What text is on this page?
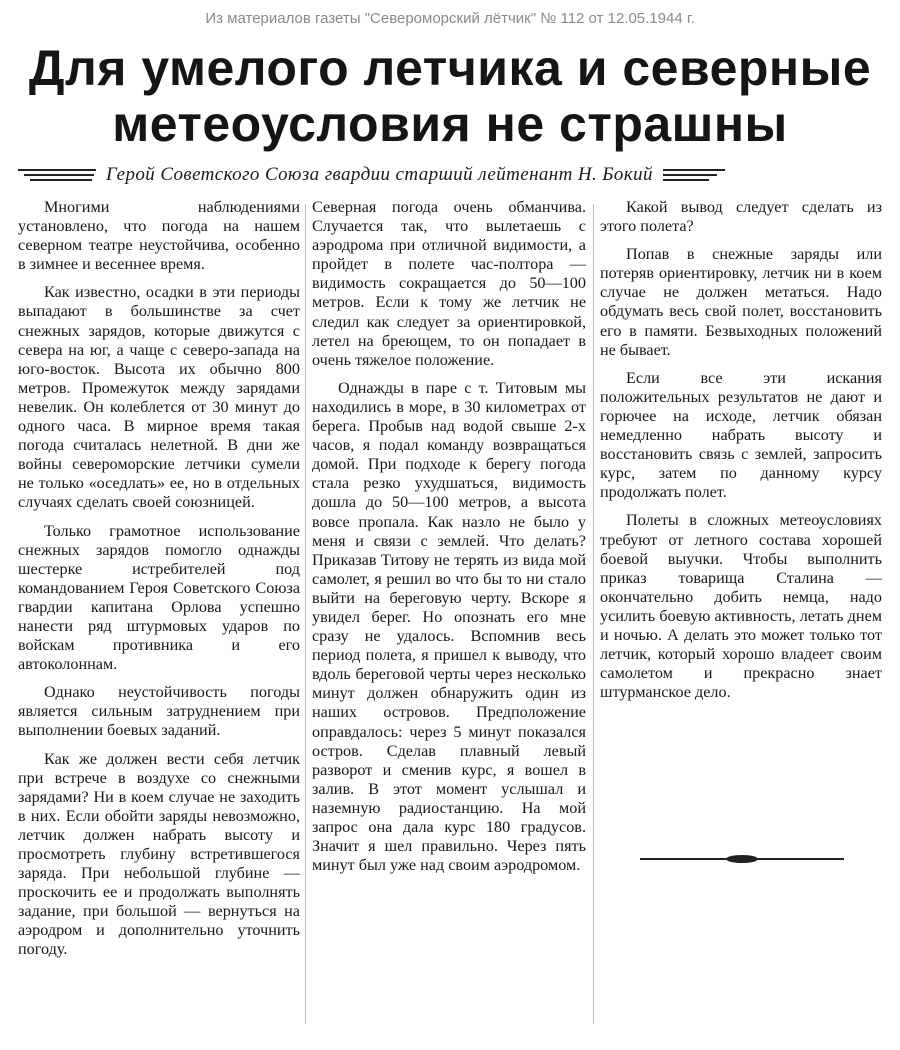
Из материалов газеты "Североморский лётчик" № 112 от 12.05.1944 г.
Для умелого летчика и северные
метеоусловия не страшны
Герой Советского Союза гвардии старший лейтенант Н. Бокий

Многими наблюдениями установлено, что погода на нашем северном театре неустойчива, особенно в зимнее и весеннее время.

Как известно, осадки в эти периоды выпадают в большинстве за счет снежных зарядов, которые движутся с севера на юг, а чаще с северо-запада на юго-восток. Высота их обычно 800 метров. Промежуток между зарядами невелик. Он колеблется от 30 минут до одного часа. В мирное время такая погода считалась нелетной. В дни же войны североморские летчики сумели не только «оседлать» ее, но в отдельных случаях сделать своей союзницей.

Только грамотное использование снежных зарядов помогло однажды шестерке истребителей под командованием Героя Советского Союза гвардии капитана Орлова успешно нанести ряд штурмовых ударов по войскам противника и его автоколоннам.

Однако неустойчивость погоды является сильным затруднением при выполнении боевых заданий.

Как же должен вести себя летчик при встрече в воздухе со снежными зарядами? Ни в коем случае не заходить в них. Если обойти заряды невозможно, летчик должен набрать высоту и просмотреть глубину встретившегося заряда. При небольшой глубине — проскочить ее и продолжать выполнять задание, при большой — вернуться на аэродром и дополнительно уточнить погоду.

Северная погода очень обманчива. Случается так, что вылетаешь с аэродрома при отличной видимости, а пройдет в полете час-полтора — видимость сокращается до 50—100 метров. Если к тому же летчик не следил как следует за ориентировкой, летел на бреющем, то он попадает в очень тяжелое положение.

Однажды в паре с т. Титовым мы находились в море, в 30 километрах от берега. Пробыв над водой свыше 2-х часов, я подал команду возвращаться домой. При подходе к берегу погода стала резко ухудшаться, видимость дошла до 50—100 метров, а высота вовсе пропала. Как назло не было у меня и связи с землей. Что делать? Приказав Титову не терять из вида мой самолет, я решил во что бы то ни стало выйти на береговую черту. Вскоре я увидел берег. Но опознать его мне сразу не удалось. Вспомнив весь период полета, я пришел к выводу, что вдоль береговой черты через несколько минут должен обнаружить один из наших островов. Предположение оправдалось: через 5 минут показался остров. Сделав плавный левый разворот и сменив курс, я вошел в залив. В этот момент услышал и наземную радиостанцию. На мой запрос она дала курс 180 градусов. Значит я шел правильно. Через пять минут был уже над своим аэродромом.

Какой вывод следует сделать из этого полета?

Попав в снежные заряды или потеряв ориентировку, летчик ни в коем случае не должен метаться. Надо обдумать весь свой полет, восстановить его в памяти. Безвыходных положений не бывает.

Если все эти искания положительных результатов не дают и горючее на исходе, летчик обязан немедленно набрать высоту и восстановить связь с землей, запросить курс, затем по данному курсу продолжать полет.

Полеты в сложных метеоусловиях требуют от летного состава хорошей боевой выучки. Чтобы выполнить приказ товарища Сталина — окончательно добить немца, надо усилить боевую активность, летать днем и ночью. А делать это может только тот летчик, который хорошо владеет своим самолетом и прекрасно знает штурманское дело.
